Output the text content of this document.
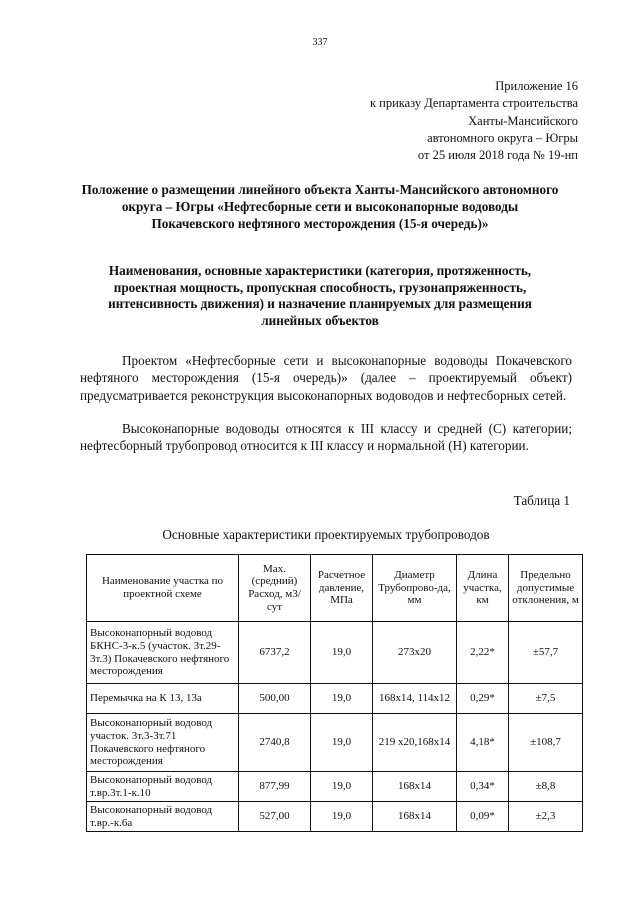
337
Приложение 16
к приказу Департамента строительства
Ханты-Мансийского
автономного округа – Югры
от 25 июля 2018 года № 19-нп
Положение о размещении линейного объекта Ханты-Мансийского автономного округа – Югры «Нефтесборные сети и высоконапорные водоводы Покачевского нефтяного месторождения (15-я очередь)»
Наименования, основные характеристики (категория, протяженность, проектная мощность, пропускная способность, грузонапряженность, интенсивность движения) и назначение планируемых для размещения линейных объектов
Проектом «Нефтесборные сети и высоконапорные водоводы Покачевского нефтяного месторождения (15-я очередь)» (далее – проектируемый объект) предусматривается реконструкция высоконапорных водоводов и нефтесборных сетей.
Высоконапорные водоводы относятся к III классу и средней (С) категории; нефтесборный трубопровод относится к III классу и нормальной (Н) категории.
Таблица 1
Основные характеристики проектируемых трубопроводов
Наименование участка по проектной схеме	Мах. (средний) Расход, м3/сут	Расчетное давление, МПа	Диаметр Трубопрово-да, мм	Длина участка, км	Предельно допустимые отклонения, м
Высоконапорный водовод БКНС-3-к.5 (участок. 3т.29-3т.3) Покачевского нефтяного месторождения	6737,2	19,0	273х20	2,22*	±57,7
Перемычка на К 13, 13а	500,00	19,0	168х14, 114х12	0,29*	±7,5
Высоконапорный водовод участок. 3т.3-3т.71 Покачевского нефтяного месторождения	2740,8	19,0	219 х20,168х14	4,18*	±108,7
Высоконапорный водовод т.вр.3т.1-к.10	877,99	19,0	168х14	0,34*	±8,8
Высоконапорный водовод т.вр.-к.6а	527,00	19,0	168х14	0,09*	±2,3
